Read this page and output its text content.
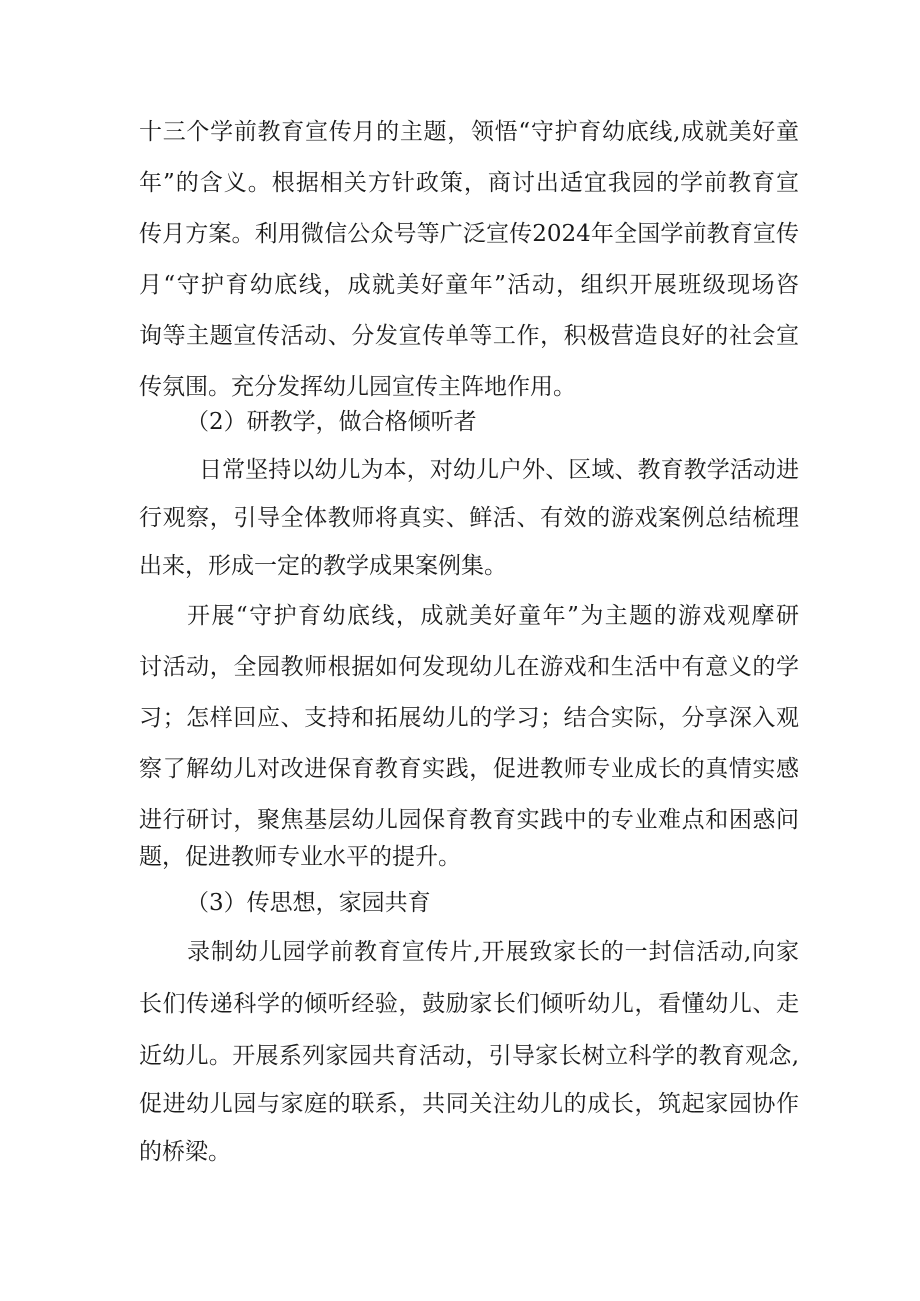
十三个学前教育宣传月的主题，领悟“守护育幼底线,成就美好童

年”的含义。根据相关方针政策，商讨出适宜我园的学前教育宣

传月方案。利用微信公众号等广泛宣传2024年全国学前教育宣传

月“守护育幼底线，成就美好童年”活动，组织开展班级现场咨

询等主题宣传活动、分发宣传单等工作，积极营造良好的社会宣

传氛围。充分发挥幼儿园宣传主阵地作用。

（2）研教学，做合格倾听者

日常坚持以幼儿为本，对幼儿户外、区域、教育教学活动进

行观察，引导全体教师将真实、鲜活、有效的游戏案例总结梳理

出来，形成一定的教学成果案例集。

开展“守护育幼底线，成就美好童年”为主题的游戏观摩研

讨活动，全园教师根据如何发现幼儿在游戏和生活中有意义的学

习；怎样回应、支持和拓展幼儿的学习；结合实际，分享深入观

察了解幼儿对改进保育教育实践，促进教师专业成长的真情实感

进行研讨，聚焦基层幼儿园保育教育实践中的专业难点和困惑问

题，促进教师专业水平的提升。

（3）传思想，家园共育

录制幼儿园学前教育宣传片,开展致家长的一封信活动,向家

长们传递科学的倾听经验，鼓励家长们倾听幼儿，看懂幼儿、走

近幼儿。开展系列家园共育活动，引导家长树立科学的教育观念,

促进幼儿园与家庭的联系，共同关注幼儿的成长，筑起家园协作

的桥梁。
